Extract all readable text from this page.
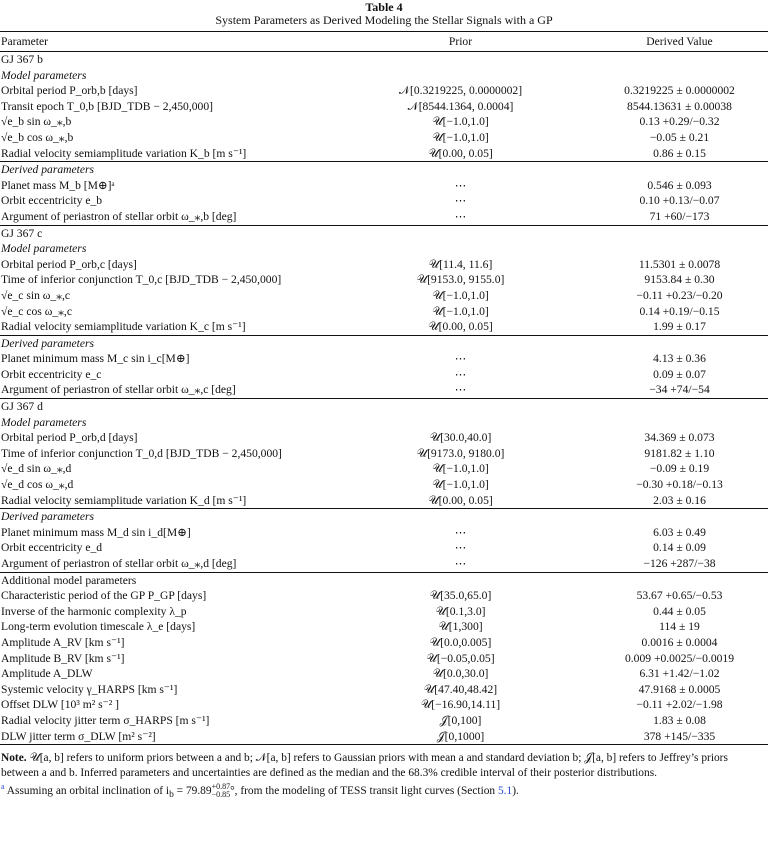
Table 4
System Parameters as Derived Modeling the Stellar Signals with a GP
Parameter	Prior	Derived Value
GJ 367 b		
Model parameters		
Orbital period P_orb,b [days]	𝒩[0.3219225, 0.0000002]	0.3219225 ± 0.0000002
Transit epoch T_0,b [BJD_TDB − 2,450,000]	𝒩[8544.1364, 0.0004]	8544.13631 ± 0.00038
√e_b sin ω_⁎,b	𝒰[−1.0,1.0]	0.13 +0.29/−0.32
√e_b cos ω_⁎,b	𝒰[−1.0,1.0]	−0.05 ± 0.21
Radial velocity semiamplitude variation K_b [m s⁻¹]	𝒰[0.00, 0.05]	0.86 ± 0.15
Derived parameters		
Planet mass M_b [M⊕]ᵃ	⋯	0.546 ± 0.093
Orbit eccentricity e_b	⋯	0.10 +0.13/−0.07
Argument of periastron of stellar orbit ω_⁎,b [deg]	⋯	71 +60/−173
GJ 367 c		
Model parameters		
Orbital period P_orb,c [days]	𝒰[11.4, 11.6]	11.5301 ± 0.0078
Time of inferior conjunction T_0,c [BJD_TDB − 2,450,000]	𝒰[9153.0, 9155.0]	9153.84 ± 0.30
√e_c sin ω_⁎,c	𝒰[−1.0,1.0]	−0.11 +0.23/−0.20
√e_c cos ω_⁎,c	𝒰[−1.0,1.0]	0.14 +0.19/−0.15
Radial velocity semiamplitude variation K_c [m s⁻¹]	𝒰[0.00, 0.05]	1.99 ± 0.17
Derived parameters		
Planet minimum mass M_c sin i_c[M⊕]	⋯	4.13 ± 0.36
Orbit eccentricity e_c	⋯	0.09 ± 0.07
Argument of periastron of stellar orbit ω_⁎,c [deg]	⋯	−34 +74/−54
GJ 367 d		
Model parameters		
Orbital period P_orb,d [days]	𝒰[30.0,40.0]	34.369 ± 0.073
Time of inferior conjunction T_0,d [BJD_TDB − 2,450,000]	𝒰[9173.0, 9180.0]	9181.82 ± 1.10
√e_d sin ω_⁎,d	𝒰[−1.0,1.0]	−0.09 ± 0.19
√e_d cos ω_⁎,d	𝒰[−1.0,1.0]	−0.30 +0.18/−0.13
Radial velocity semiamplitude variation K_d [m s⁻¹]	𝒰[0.00, 0.05]	2.03 ± 0.16
Derived parameters		
Planet minimum mass M_d sin i_d[M⊕]	⋯	6.03 ± 0.49
Orbit eccentricity e_d	⋯	0.14 ± 0.09
Argument of periastron of stellar orbit ω_⁎,d [deg]	⋯	−126 +287/−38
Additional model parameters		
Characteristic period of the GP P_GP [days]	𝒰[35.0,65.0]	53.67 +0.65/−0.53
Inverse of the harmonic complexity λ_p	𝒰[0.1,3.0]	0.44 ± 0.05
Long-term evolution timescale λ_e [days]	𝒰[1,300]	114 ± 19
Amplitude A_RV [km s⁻¹]	𝒰[0.0,0.005]	0.0016 ± 0.0004
Amplitude B_RV [km s⁻¹]	𝒰[−0.05,0.05]	0.009 +0.0025/−0.0019
Amplitude A_DLW	𝒰[0.0,30.0]	6.31 +1.42/−1.02
Systemic velocity γ_HARPS [km s⁻¹]	𝒰[47.40,48.42]	47.9168 ± 0.0005
Offset DLW [10³ m² s⁻² ]	𝒰[−16.90,14.11]	−0.11 +2.02/−1.98
Radial velocity jitter term σ_HARPS [m s⁻¹]	𝒥[0,100]	1.83 ± 0.08
DLW jitter term σ_DLW [m² s⁻²]	𝒥[0,1000]	378 +145/−335
Note. 𝒰[a, b] refers to uniform priors between a and b; 𝒩[a, b] refers to Gaussian priors with mean a and standard deviation b; 𝒥[a, b] refers to Jeffrey’s priors between a and b. Inferred parameters and uncertainties are defined as the median and the 68.3% credible interval of their posterior distributions.
$^a$ Assuming an orbital inclination of $i_b = 79.89 +0.87$
−0.85 °, from the modeling of TESS transit light curves (Section 5.1).
